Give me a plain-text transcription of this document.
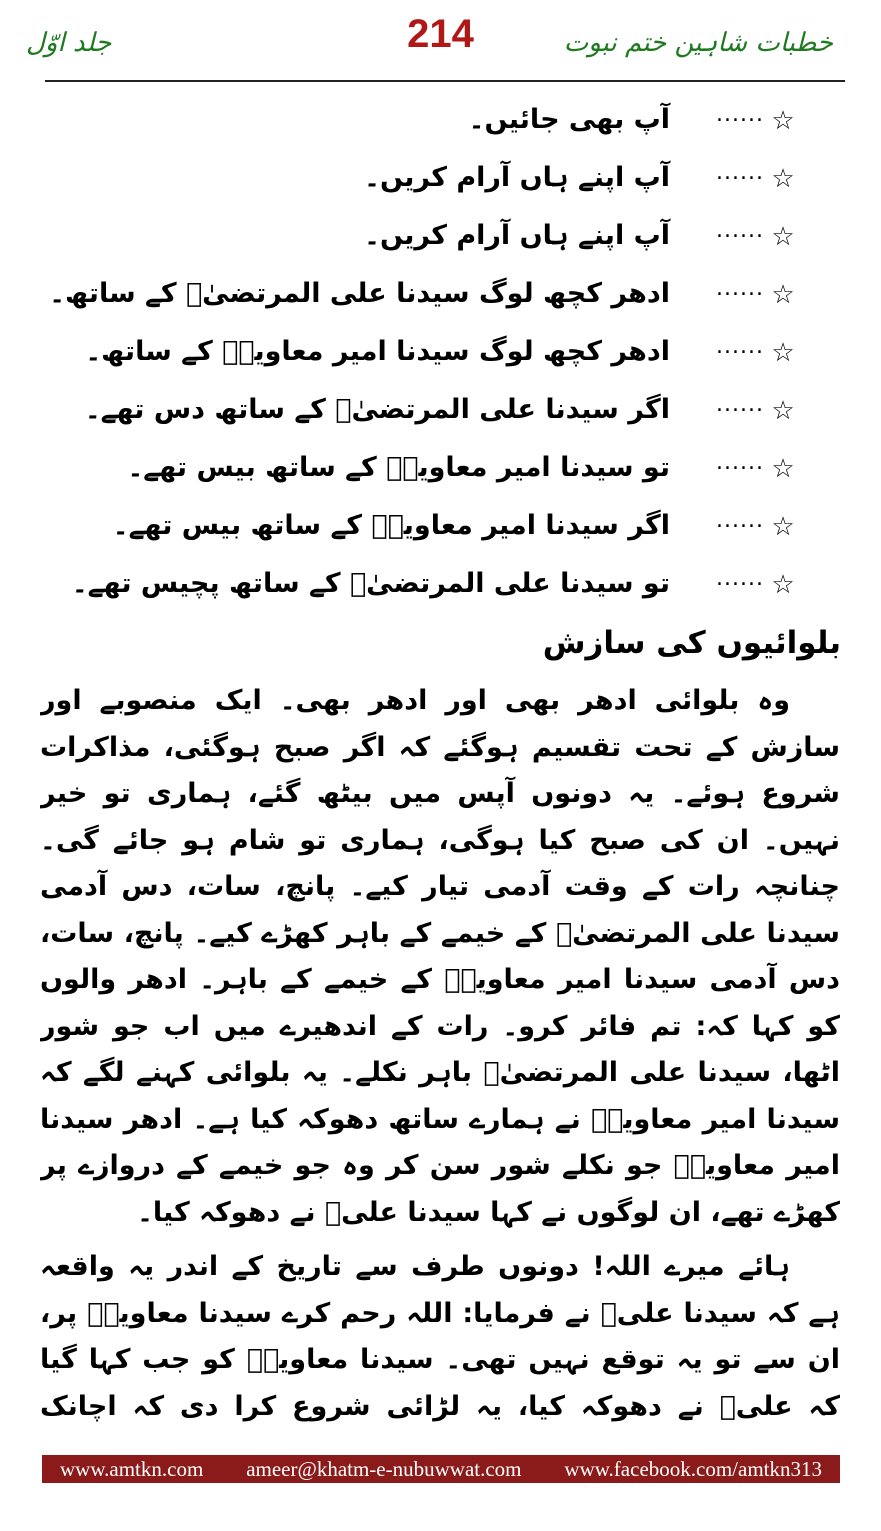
خطبات شاہین ختم نبوت
214
جلد اوّل
☆
......
آپ بھی جائیں۔
☆
......
آپ اپنے ہاں آرام کریں۔
☆
......
آپ اپنے ہاں آرام کریں۔
☆
......
ادھر کچھ لوگ سیدنا علی المرتضیٰؓ کے ساتھ۔
☆
......
ادھر کچھ لوگ سیدنا امیر معاویہؓ کے ساتھ۔
☆
......
اگر سیدنا علی المرتضیٰؓ کے ساتھ دس تھے۔
☆
......
تو سیدنا امیر معاویہؓ کے ساتھ بیس تھے۔
☆
......
اگر سیدنا امیر معاویہؓ کے ساتھ بیس تھے۔
☆
......
تو سیدنا علی المرتضیٰؓ کے ساتھ پچیس تھے۔
بلوائیوں کی سازش

وہ بلوائی ادھر بھی اور ادھر بھی۔ ایک منصوبے اور سازش کے تحت تقسیم ہوگئے کہ اگر صبح ہوگئی، مذاکرات شروع ہوئے۔ یہ دونوں آپس میں بیٹھ گئے، ہماری تو خیر نہیں۔ ان کی صبح کیا ہوگی، ہماری تو شام ہو جائے گی۔ چنانچہ رات کے وقت آدمی تیار کیے۔ پانچ، سات، دس آدمی سیدنا علی المرتضیٰؓ کے خیمے کے باہر کھڑے کیے۔ پانچ، سات، دس آدمی سیدنا امیر معاویہؓ کے خیمے کے باہر۔ ادھر والوں کو کہا کہ: تم فائر کرو۔ رات کے اندھیرے میں اب جو شور اٹھا، سیدنا علی المرتضیٰؓ باہر نکلے۔ یہ بلوائی کہنے لگے کہ سیدنا امیر معاویہؓ نے ہمارے ساتھ دھوکہ کیا ہے۔ ادھر سیدنا امیر معاویہؓ جو نکلے شور سن کر وہ جو خیمے کے دروازے پر کھڑے تھے، ان لوگوں نے کہا سیدنا علیؓ نے دھوکہ کیا۔

ہائے میرے اللہ! دونوں طرف سے تاریخ کے اندر یہ واقعہ ہے کہ سیدنا علیؓ نے فرمایا: اللہ رحم کرے سیدنا معاویہؓ پر، ان سے تو یہ توقع نہیں تھی۔ سیدنا معاویہؓ کو جب کہا گیا کہ علیؓ نے دھوکہ کیا، یہ لڑائی شروع کرا دی کہ اچانک

www.amtkn.com ameer@khatm-e-nubuwwat.com www.facebook.com/amtkn313
